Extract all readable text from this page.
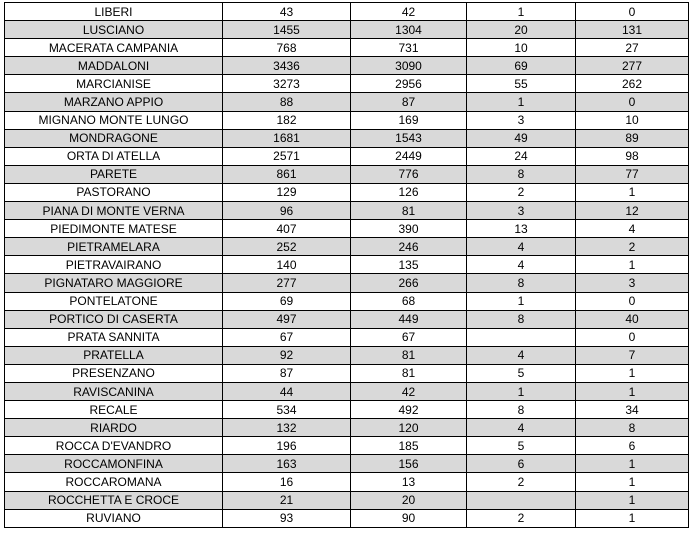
LIBERI	43	42	1	0
LUSCIANO	1455	1304	20	131
MACERATA CAMPANIA	768	731	10	27
MADDALONI	3436	3090	69	277
MARCIANISE	3273	2956	55	262
MARZANO APPIO	88	87	1	0
MIGNANO MONTE LUNGO	182	169	3	10
MONDRAGONE	1681	1543	49	89
ORTA DI ATELLA	2571	2449	24	98
PARETE	861	776	8	77
PASTORANO	129	126	2	1
PIANA DI MONTE VERNA	96	81	3	12
PIEDIMONTE MATESE	407	390	13	4
PIETRAMELARA	252	246	4	2
PIETRAVAIRANO	140	135	4	1
PIGNATARO MAGGIORE	277	266	8	3
PONTELATONE	69	68	1	0
PORTICO DI CASERTA	497	449	8	40
PRATA SANNITA	67	67		0
PRATELLA	92	81	4	7
PRESENZANO	87	81	5	1
RAVISCANINA	44	42	1	1
RECALE	534	492	8	34
RIARDO	132	120	4	8
ROCCA D'EVANDRO	196	185	5	6
ROCCAMONFINA	163	156	6	1
ROCCAROMANA	16	13	2	1
ROCCHETTA E CROCE	21	20		1
RUVIANO	93	90	2	1
